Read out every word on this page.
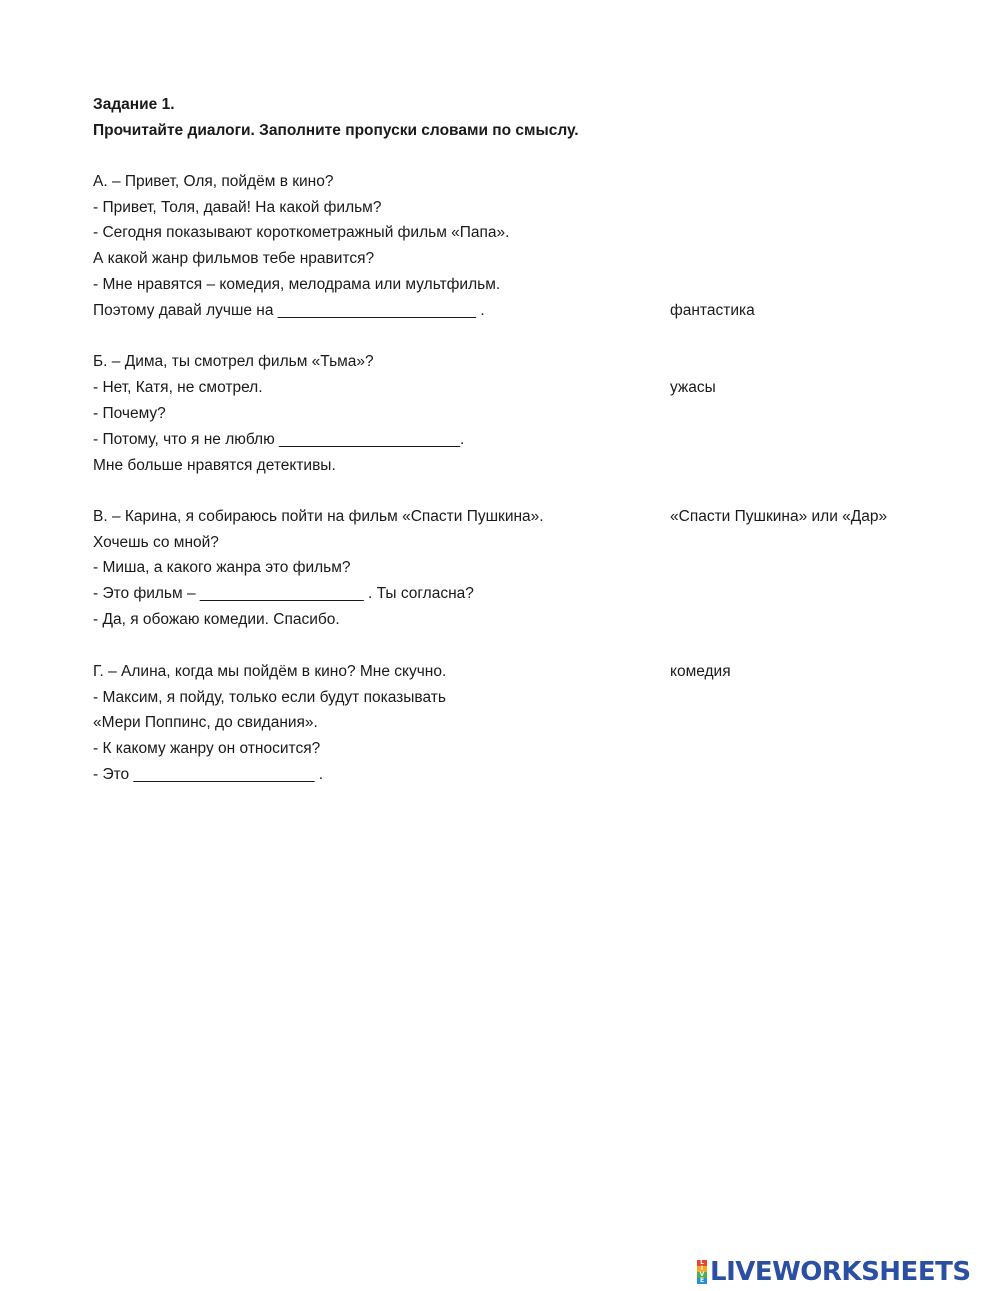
Задание 1.
Прочитайте диалоги. Заполните пропуски словами по смыслу.
А. – Привет, Оля, пойдём в кино?
- Привет, Толя, давай! На какой фильм?
- Сегодня показывают короткометражный фильм «Папа».
А какой жанр фильмов тебе нравится?
- Мне нравятся – комедия, мелодрама или мультфильм.
Поэтому давай лучше на _______________________ .
Б. – Дима, ты смотрел фильм «Тьма»?
- Нет, Катя, не смотрел.
- Почему?
- Потому, что я не люблю _____________________.
Мне больше нравятся детективы.
В. – Карина, я собираюсь пойти на фильм «Спасти Пушкина».
Хочешь со мной?
- Миша, а какого жанра это фильм?
- Это фильм – ___________________ . Ты согласна?
- Да, я обожаю комедии. Спасибо.
Г. – Алина, когда мы пойдём в кино? Мне скучно.
- Максим, я пойду, только если будут показывать
«Мери Поппинс, до свидания».
- К какому жанру он относится?
- Это _____________________ .
фантастика
ужасы
«Спасти Пушкина» или «Дар»
комедия
L
I
V
E LIVEWORKSHEETS
